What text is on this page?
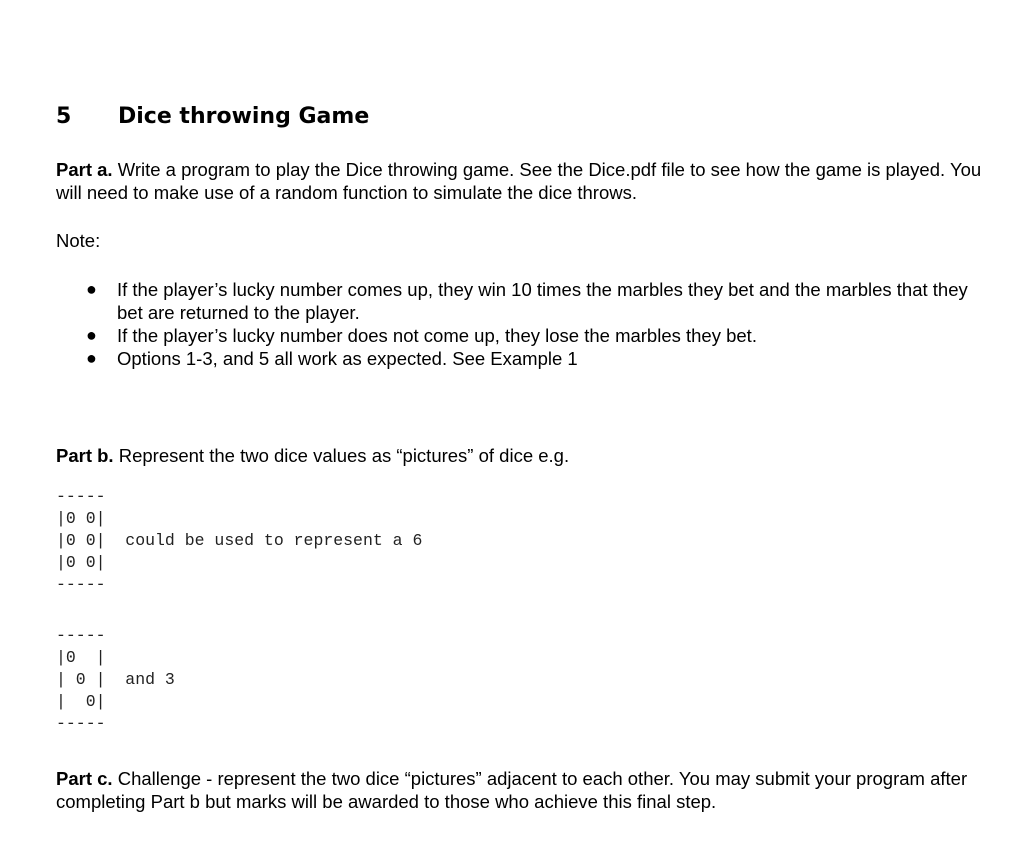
5 Dice throwing Game
Part a. Write a program to play the Dice throwing game. See the Dice.pdf file to see how the game is played. You will need to make use of a random function to simulate the dice throws.
Note:
● If the player’s lucky number comes up, they win 10 times the marbles they bet and the marbles that they bet are returned to the player.
● If the player’s lucky number does not come up, they lose the marbles they bet.
● Options 1-3, and 5 all work as expected. See Example 1
Part b. Represent the two dice values as “pictures” of dice e.g.
-----
|0 0|
|0 0|  could be used to represent a 6
|0 0|
-----
-----
|0  |
| 0 |  and 3
|  0|
-----
Part c. Challenge - represent the two dice “pictures” adjacent to each other. You may submit your program after completing Part b but marks will be awarded to those who achieve this final step.
